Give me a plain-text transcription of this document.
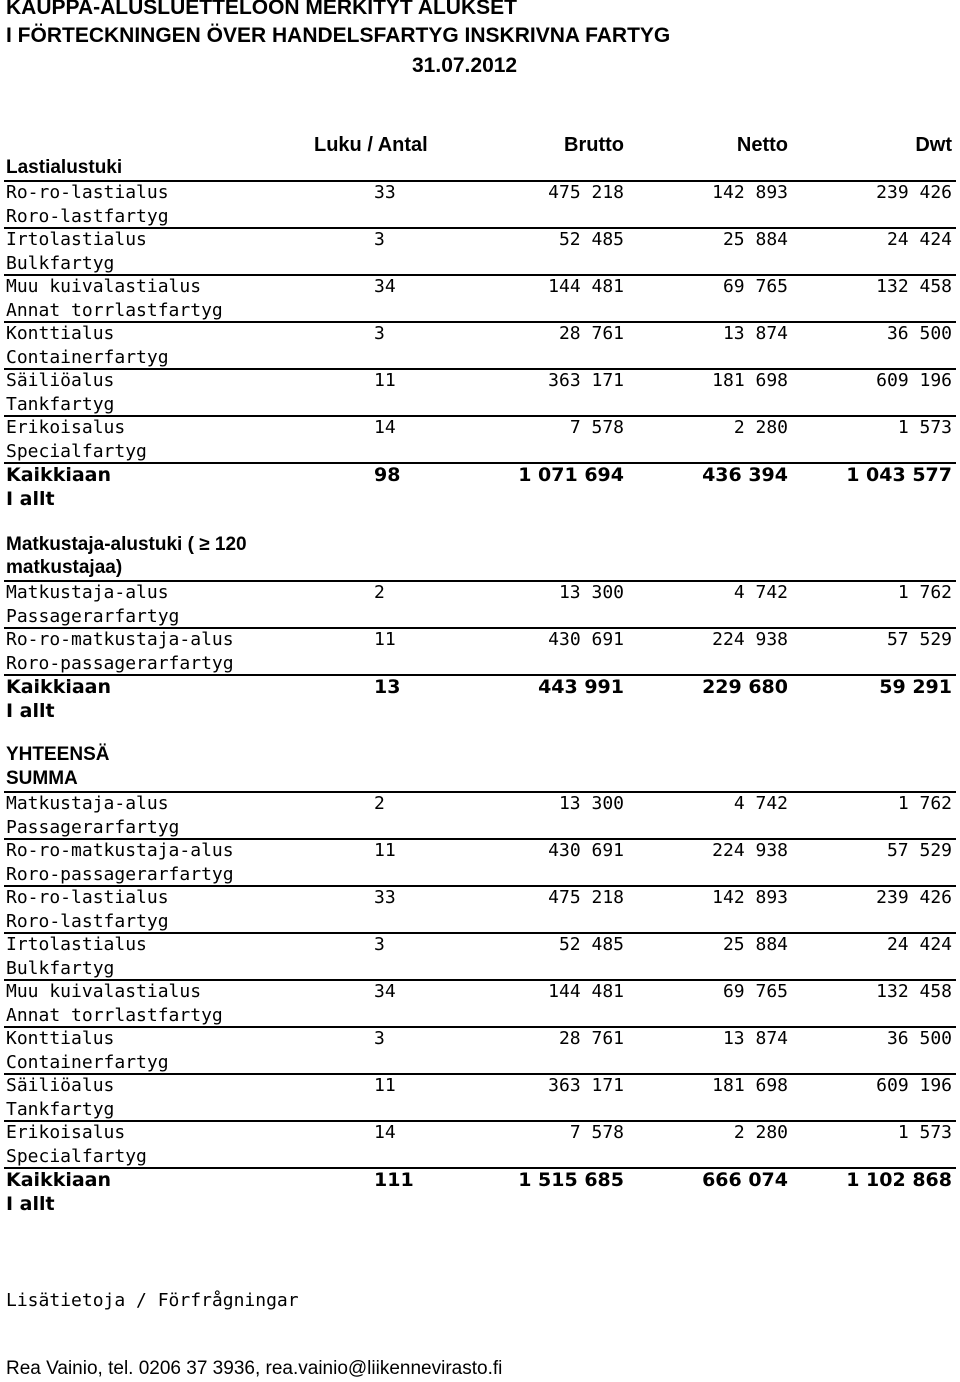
KAUPPA-ALUSLUETTELOON MERKITYT ALUKSET
I FÖRTECKNINGEN ÖVER HANDELSFARTYG INSKRIVNA FARTYG
31.07.2012
Luku / Antal	Brutto	Netto	Dwt
Lastialustuki
Ro-ro-lastialus
Roro-lastfartyg
33	475 218	142 893	239 426
Irtolastialus
Bulkfartyg
3	52 485	25 884	24 424
Muu kuivalastialus
Annat torrlastfartyg
34	144 481	69 765	132 458
Konttialus
Containerfartyg
3	28 761	13 874	36 500
Säiliöalus
Tankfartyg
11	363 171	181 698	609 196
Erikoisalus
Specialfartyg
14	7 578	2 280	1 573
Kaikkiaan
I allt
98	1 071 694	436 394	1 043 577
Matkustaja-alustuki ( ≥ 120
matkustajaa)
Matkustaja-alus
Passagerarfartyg
2	13 300	4 742	1 762
Ro-ro-matkustaja-alus
Roro-passagerarfartyg
11	430 691	224 938	57 529
Kaikkiaan
I allt
13	443 991	229 680	59 291
YHTEENSÄ
SUMMA
Matkustaja-alus
Passagerarfartyg
2	13 300	4 742	1 762
Ro-ro-matkustaja-alus
Roro-passagerarfartyg
11	430 691	224 938	57 529
Ro-ro-lastialus
Roro-lastfartyg
33	475 218	142 893	239 426
Irtolastialus
Bulkfartyg
3	52 485	25 884	24 424
Muu kuivalastialus
Annat torrlastfartyg
34	144 481	69 765	132 458
Konttialus
Containerfartyg
3	28 761	13 874	36 500
Säiliöalus
Tankfartyg
11	363 171	181 698	609 196
Erikoisalus
Specialfartyg
14	7 578	2 280	1 573
Kaikkiaan
I allt
111	1 515 685	666 074	1 102 868
Lisätietoja / Förfrågningar
Rea Vainio, tel. 0206 37 3936, rea.vainio@liikennevirasto.fi
